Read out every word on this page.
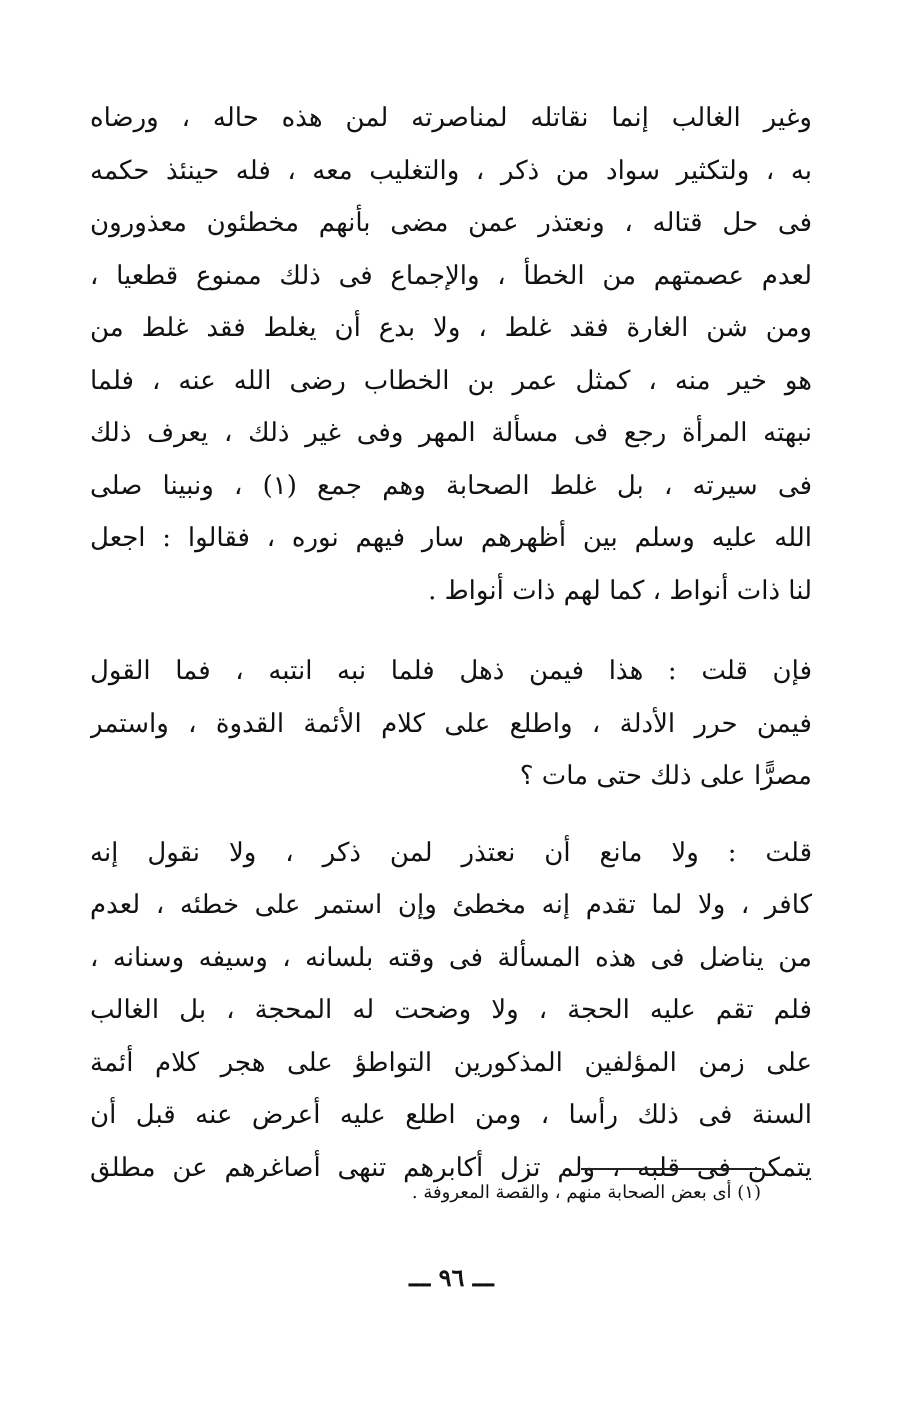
وغير الغالب إنما نقاتله لمناصرته لمن هذه حاله ، ورضاه
به ، ولتكثير سواد من ذكر ، والتغليب معه ، فله حينئذ حكمه
فى حل قتاله ، ونعتذر عمن مضى بأنهم مخطئون معذورون
لعدم عصمتهم من الخطأ ، والإجماع فى ذلك ممنوع قطعيا ،
ومن شن الغارة فقد غلط ، ولا بدع أن يغلط فقد غلط من
هو خير منه ، كمثل عمر بن الخطاب رضى الله عنه ، فلما
نبهته المرأة رجع فى مسألة المهر وفى غير ذلك ، يعرف ذلك
فى سيرته ، بل غلط الصحابة وهم جمع (١) ، ونبينا صلى
الله عليه وسلم بين أظهرهم سار فيهم نوره ، فقالوا : اجعل
لنا ذات أنواط ، كما لهم ذات أنواط .
فإن قلت : هذا فيمن ذهل فلما نبه انتبه ، فما القول
فيمن حرر الأدلة ، واطلع على كلام الأئمة القدوة ، واستمر
مصرًّا على ذلك حتى مات ؟
قلت : ولا مانع أن نعتذر لمن ذكر ، ولا نقول إنه
كافر ، ولا لما تقدم إنه مخطئ وإن استمر على خطئه ، لعدم
من يناضل فى هذه المسألة فى وقته بلسانه ، وسيفه وسنانه ،
فلم تقم عليه الحجة ، ولا وضحت له المحجة ، بل الغالب
على زمن المؤلفين المذكورين التواطؤ على هجر كلام أئمة
السنة فى ذلك رأسا ، ومن اطلع عليه أعرض عنه قبل أن
يتمكن فى قلبه ، ولم تزل أكابرهم تنهى أصاغرهم عن مطلق
(١) أى بعض الصحابة منهم ، والقصة المعروفة .
ـــ ٩٦ ـــ
